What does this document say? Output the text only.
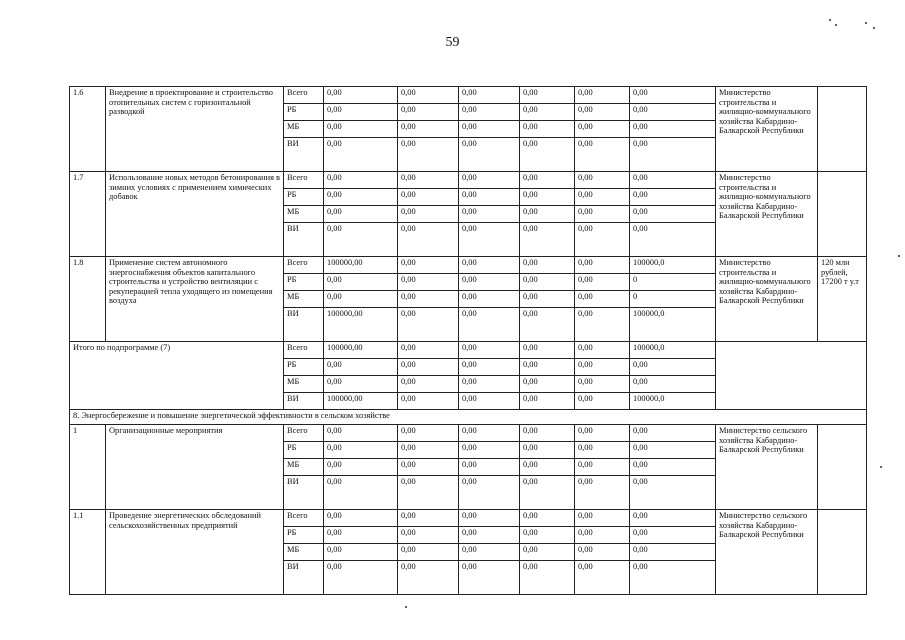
59
1.6	Внедрение в проектирование и строительство отопительных систем с горизонтальной разводкой	Всего	0,00	0,00	0,00	0,00	0,00	0,00	Министерство строительства и жилищно-коммунального хозяйства Кабардино-Балкарской Республики	
		РБ	0,00	0,00	0,00	0,00	0,00	0,00		
		МБ	0,00	0,00	0,00	0,00	0,00	0,00		
		ВИ	0,00	0,00	0,00	0,00	0,00	0,00		
1.7	Использование новых методов бетонирования в зимних условиях с применением химических добавок	Всего	0,00	0,00	0,00	0,00	0,00	0,00	Министерство строительства и жилищно-коммунального хозяйства Кабардино-Балкарской Республики	
		РБ	0,00	0,00	0,00	0,00	0,00	0,00		
		МБ	0,00	0,00	0,00	0,00	0,00	0,00		
		ВИ	0,00	0,00	0,00	0,00	0,00	0,00		
1.8	Применение систем автономного энергоснабжения объектов капитального строительства и устройство вентиляции с рекуперацией тепла уходящего из помещения воздуха	Всего	100000,00	0,00	0,00	0,00	0,00	100000,0	Министерство строительства и жилищно-коммунального хозяйства Кабардино-Балкарской Республики	120 млн рублей, 17200 т у.т
		РБ	0,00	0,00	0,00	0,00	0,00	0		
		МБ	0,00	0,00	0,00	0,00	0,00	0		
		ВИ	100000,00	0,00	0,00	0,00	0,00	100000,0		
Итого по подпрограмме (7)		Всего	100000,00	0,00	0,00	0,00	0,00	100000,0		
		РБ	0,00	0,00	0,00	0,00	0,00	0,00		
		МБ	0,00	0,00	0,00	0,00	0,00	0,00		
		ВИ	100000,00	0,00	0,00	0,00	0,00	100000,0		
8. Энергосбережение и повышение энергетической эффективности в сельском хозяйстве										
1	Организационные мероприятия	Всего	0,00	0,00	0,00	0,00	0,00	0,00	Министерство сельского хозяйства Кабардино-Балкарской Республики	
		РБ	0,00	0,00	0,00	0,00	0,00	0,00		
		МБ	0,00	0,00	0,00	0,00	0,00	0,00		
		ВИ	0,00	0,00	0,00	0,00	0,00	0,00		
1.1	Проведение энергетических обследований сельскохозяйственных предприятий	Всего	0,00	0,00	0,00	0,00	0,00	0,00	Министерство сельского хозяйства Кабардино-Балкарской Республики	
		РБ	0,00	0,00	0,00	0,00	0,00	0,00		
		МБ	0,00	0,00	0,00	0,00	0,00	0,00		
		ВИ	0,00	0,00	0,00	0,00	0,00	0,00		
